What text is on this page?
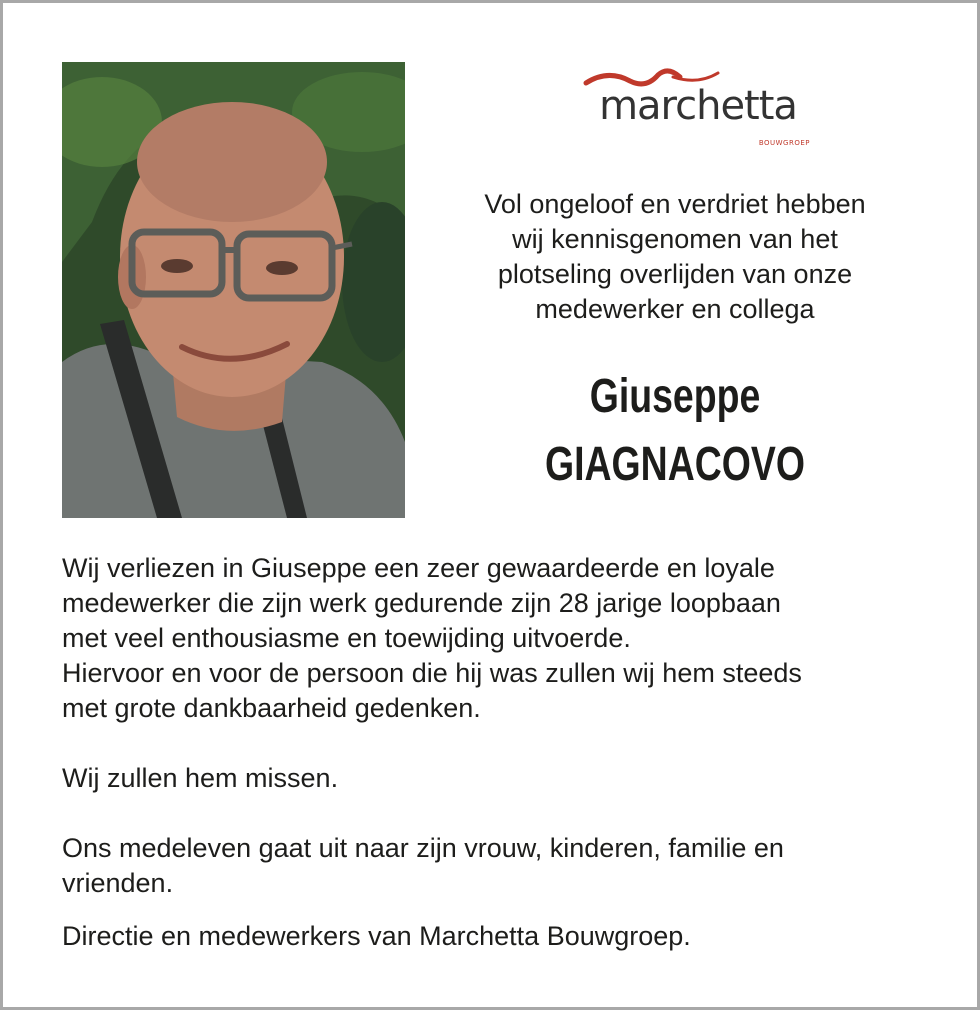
marchetta
BOUWGROEP
Vol ongeloof en verdriet hebben
wij kennisgenomen van het
plotseling overlijden van onze
medewerker en collega
Giuseppe
GIAGNACOVO

Wij verliezen in Giuseppe een zeer gewaardeerde en loyale
medewerker die zijn werk gedurende zijn 28 jarige loopbaan
met veel enthousiasme en toewijding uitvoerde.
Hiervoor en voor de persoon die hij was zullen wij hem steeds
met grote dankbaarheid gedenken.

Wij zullen hem missen.

Ons medeleven gaat uit naar zijn vrouw, kinderen, familie en
vrienden.

Directie en medewerkers van Marchetta Bouwgroep.
